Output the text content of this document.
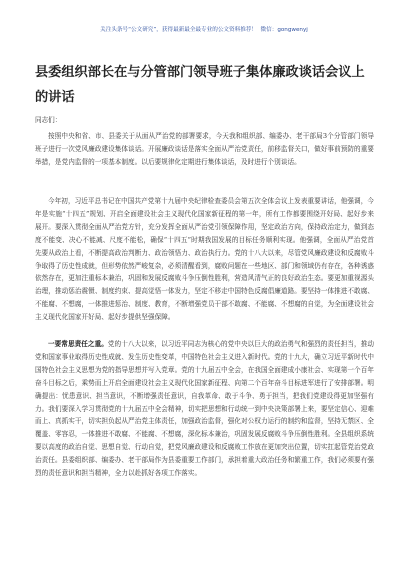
关注头条号“公文研究”，获得最新最全最专业的公文资料推荐！ 微信：gongwenyj
县委组织部长在与分管部门领导班子集体廉政谈话会议上的讲话
同志们：

按照中央和省、市、县委关于从面从严治党的部署要求，今天我和组织部、编委办、老干部局3个分管部门领导班子进行一次党风廉政建设集体谈话。开展廉政谈话是落实全面从严治党责任，前移监督关口，做好事前预防的重要举措，是党内监督的一项基本制度。以后要规律化定期进行集体谈话，及时进行个别谈话。

今年初，习近平总书记在中国共产党第十九届中央纪律检查委员会第五次全体会议上发表重要讲话，他强调，今年是实施“十四五”规划、开启全面建设社会主义现代化国家新征程的第一年，所有工作都要围绕开好局、起好步来展开。要深入贯彻全面从严治党方针，充分发挥全面从严治党引领保障作用，坚定政治方向，保持政治定力，做到态度不能变、决心不能减、尺度不能松，确保“十四五”时期我国发展的目标任务顺利实现。他强调，全面从严治党首先要从政治上看，不断提高政治判断力、政治领悟力、政治执行力。党的十八大以来，尽管党风廉政建设和反腐败斗争取得了历史性成就，但形势依然严峻复杂，必须清醒看到，腐败问题在一些地区、部门和领域仍有存在，各种诱惑依然存在，更加注重标本兼治，巩固和发展反腐败斗争压倒性胜利，营造风清气正的良好政治生态。要更加重视源头治理，推动惩治震慑、制度约束、提高觉悟一体发力，坚定不移走中国特色反腐倡廉道路。要坚持一体推进不敢腐、不能腐、不想腐，一体推进惩治、制度、教育，不断增强党员干部不敢腐、不能腐、不想腐的自觉，为全面建设社会主义现代化国家开好局、起好步提供坚强保障。

一要常思责任之重。党的十八大以来，以习近平同志为核心的党中央以巨大的政治勇气和强烈的责任担当，推动党和国家事业取得历史性成就、发生历史性变革，中国特色社会主义进入新时代。党的十九大，确立习近平新时代中国特色社会主义思想为党的指导思想并写入党章。党的十九届五中全会，在我国全面建成小康社会、实现第一个百年奋斗目标之后，乘势而上开启全面建设社会主义现代化国家新征程、向第二个百年奋斗目标进军进行了安排部署。明确提出：忧患意识、担当意识，不断增强责任意识，自我革命、敢于斗争、勇于担当，把我们党建设得更加坚强有力。我们要深入学习贯彻党的十九届五中全会精神，切实把思想和行动统一到中央决策部署上来，要坚定信心、迎难而上、真抓实干，切实担负起从严治党主体责任，加强政治监督，强化对公权力运行的制约和监督，坚持无禁区、全覆盖、零容忍，一体推进不敢腐、不能腐、不想腐，深化标本兼治，巩固发展反腐败斗争压倒性胜利。全县组织系统要以高度的政治自觉、思想自觉、行动自觉，把党风廉政建设和反腐败工作放在更加突出位置，切实扛起管党治党政治责任。县委组织部、编委办、老干部局作为县委重要工作部门，承担着重大政治任务和繁重工作，我们必须要有强烈的责任意识和担当精神，全力以赴抓好各项工作落实。
